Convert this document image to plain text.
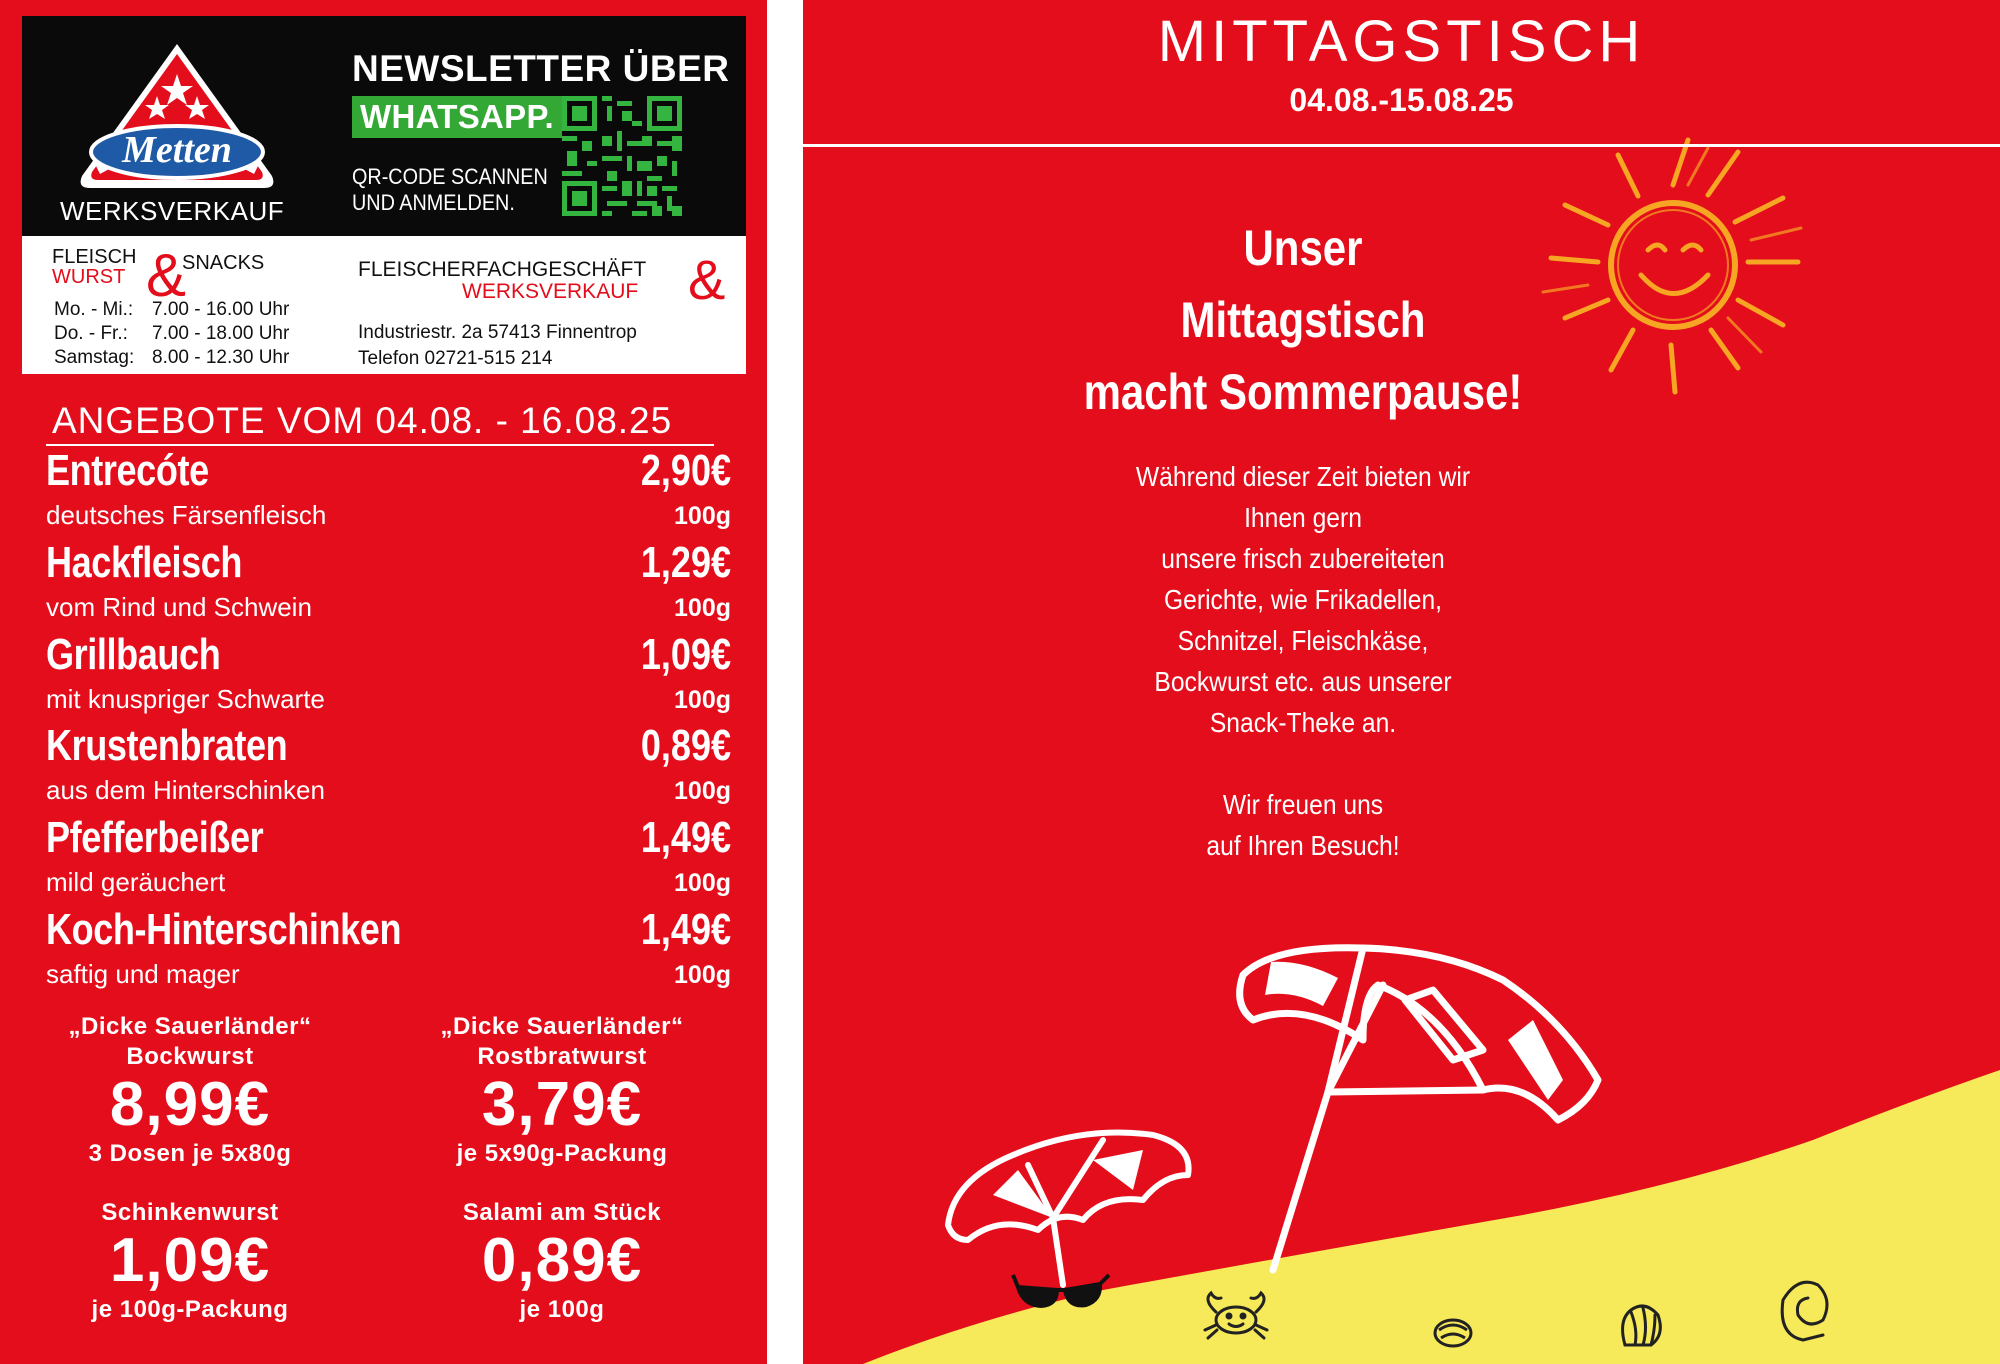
Metten
WERKSVERKAUF
NEWSLETTER ÜBER
WHATSAPP.
QR-CODE SCANNEN
UND ANMELDEN.
FLEISCH
WURST &
SNACKS
Mo. - Mi.: 7.00 - 16.00 Uhr
Do. - Fr.: 7.00 - 18.00 Uhr
Samstag: 8.00 - 12.30 Uhr
FLEISCHERFACHGESCHÄFT
WERKSVERKAUF &
Industriestr. 2a 57413 Finnentrop
Telefon 02721-515 214
ANGEBOTE VOM 04.08. - 16.08.25
Entrecóte	2,90€
deutsches Färsenfleisch	100g
Hackfleisch	1,29€
vom Rind und Schwein	100g
Grillbauch	1,09€
mit knuspriger Schwarte	100g
Krustenbraten	0,89€
aus dem Hinterschinken	100g
Pfefferbeißer	1,49€
mild geräuchert	100g
Koch-Hinterschinken	1,49€
saftig und mager	100g
„Dicke Sauerländer“
Bockwurst
8,99€
3 Dosen je 5x80g
„Dicke Sauerländer“
Rostbratwurst
3,79€
je 5x90g-Packung
Schinkenwurst
1,09€
je 100g-Packung
Salami am Stück
0,89€
je 100g
MITTAGSTISCH
04.08.-15.08.25
Unser
Mittagstisch
macht Sommerpause!
Während dieser Zeit bieten wir
Ihnen gern
unsere frisch zubereiteten
Gerichte, wie Frikadellen,
Schnitzel, Fleischkäse,
Bockwurst etc. aus unserer
Snack-Theke an.
Wir freuen uns
auf Ihren Besuch!
